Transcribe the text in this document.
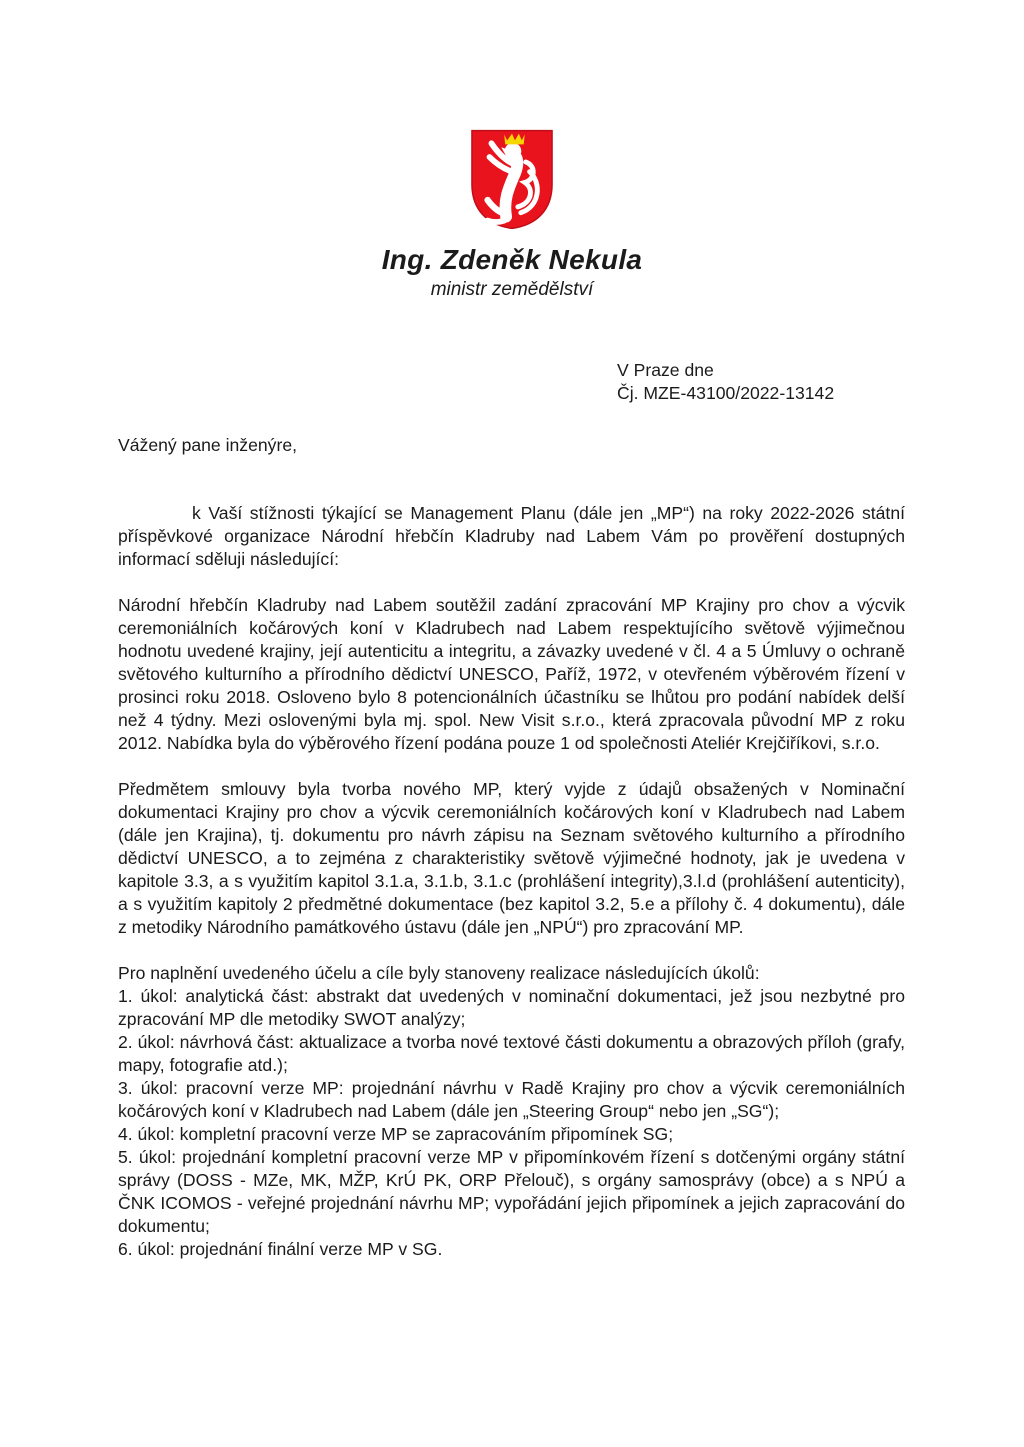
Ing. Zdeněk Nekula
ministr zemědělství
V Praze dne
Čj. MZE-43100/2022-13142
Vážený pane inženýre,

k Vaší stížnosti týkající se Management Planu (dále jen „MP“) na roky 2022-2026 státní příspěvkové organizace Národní hřebčín Kladruby nad Labem Vám po prověření dostupných informací sděluji následující:

Národní hřebčín Kladruby nad Labem soutěžil zadání zpracování MP Krajiny pro chov a výcvik ceremoniálních kočárových koní v Kladrubech nad Labem respektujícího světově výjimečnou hodnotu uvedené krajiny, její autenticitu a integritu, a závazky uvedené v čl. 4 a 5 Úmluvy o ochraně světového kulturního a přírodního dědictví UNESCO, Paříž, 1972, v otevřeném výběrovém řízení v prosinci roku 2018. Osloveno bylo 8 potencionálních účastníku se lhůtou pro podání nabídek delší než 4 týdny. Mezi oslovenými byla mj. spol. New Visit s.r.o., která zpracovala původní MP z roku 2012. Nabídka byla do výběrového řízení podána pouze 1 od společnosti Ateliér Krejčiříkovi, s.r.o.

Předmětem smlouvy byla tvorba nového MP, který vyjde z údajů obsažených v Nominační dokumentaci Krajiny pro chov a výcvik ceremoniálních kočárových koní v Kladrubech nad Labem (dále jen Krajina), tj. dokumentu pro návrh zápisu na Seznam světového kulturního a přírodního dědictví UNESCO, a to zejména z charakteristiky světově výjimečné hodnoty, jak je uvedena v kapitole 3.3, a s využitím kapitol 3.1.a, 3.1.b, 3.1.c (prohlášení integrity),3.l.d (prohlášení autenticity), a s využitím kapitoly 2 předmětné dokumentace (bez kapitol 3.2, 5.e a přílohy č. 4 dokumentu), dále z metodiky Národního památkového ústavu (dále jen „NPÚ“) pro zpracování MP.

Pro naplnění uvedeného účelu a cíle byly stanoveny realizace následujících úkolů:
1. úkol: analytická část: abstrakt dat uvedených v nominační dokumentaci, jež jsou nezbytné pro zpracování MP dle metodiky SWOT analýzy;
2. úkol: návrhová část: aktualizace a tvorba nové textové části dokumentu a obrazových příloh (grafy, mapy, fotografie atd.);
3. úkol: pracovní verze MP: projednání návrhu v Radě Krajiny pro chov a výcvik ceremoniálních kočárových koní v Kladrubech nad Labem (dále jen „Steering Group“ nebo jen „SG“);
4. úkol: kompletní pracovní verze MP se zapracováním připomínek SG;
5. úkol: projednání kompletní pracovní verze MP v připomínkovém řízení s dotčenými orgány státní správy (DOSS - MZe, MK, MŽP, KrÚ PK, ORP Přelouč), s orgány samosprávy (obce) a s NPÚ a ČNK ICOMOS - veřejné projednání návrhu MP; vypořádání jejich připomínek a jejich zapracování do dokumentu;
6. úkol: projednání finální verze MP v SG.
